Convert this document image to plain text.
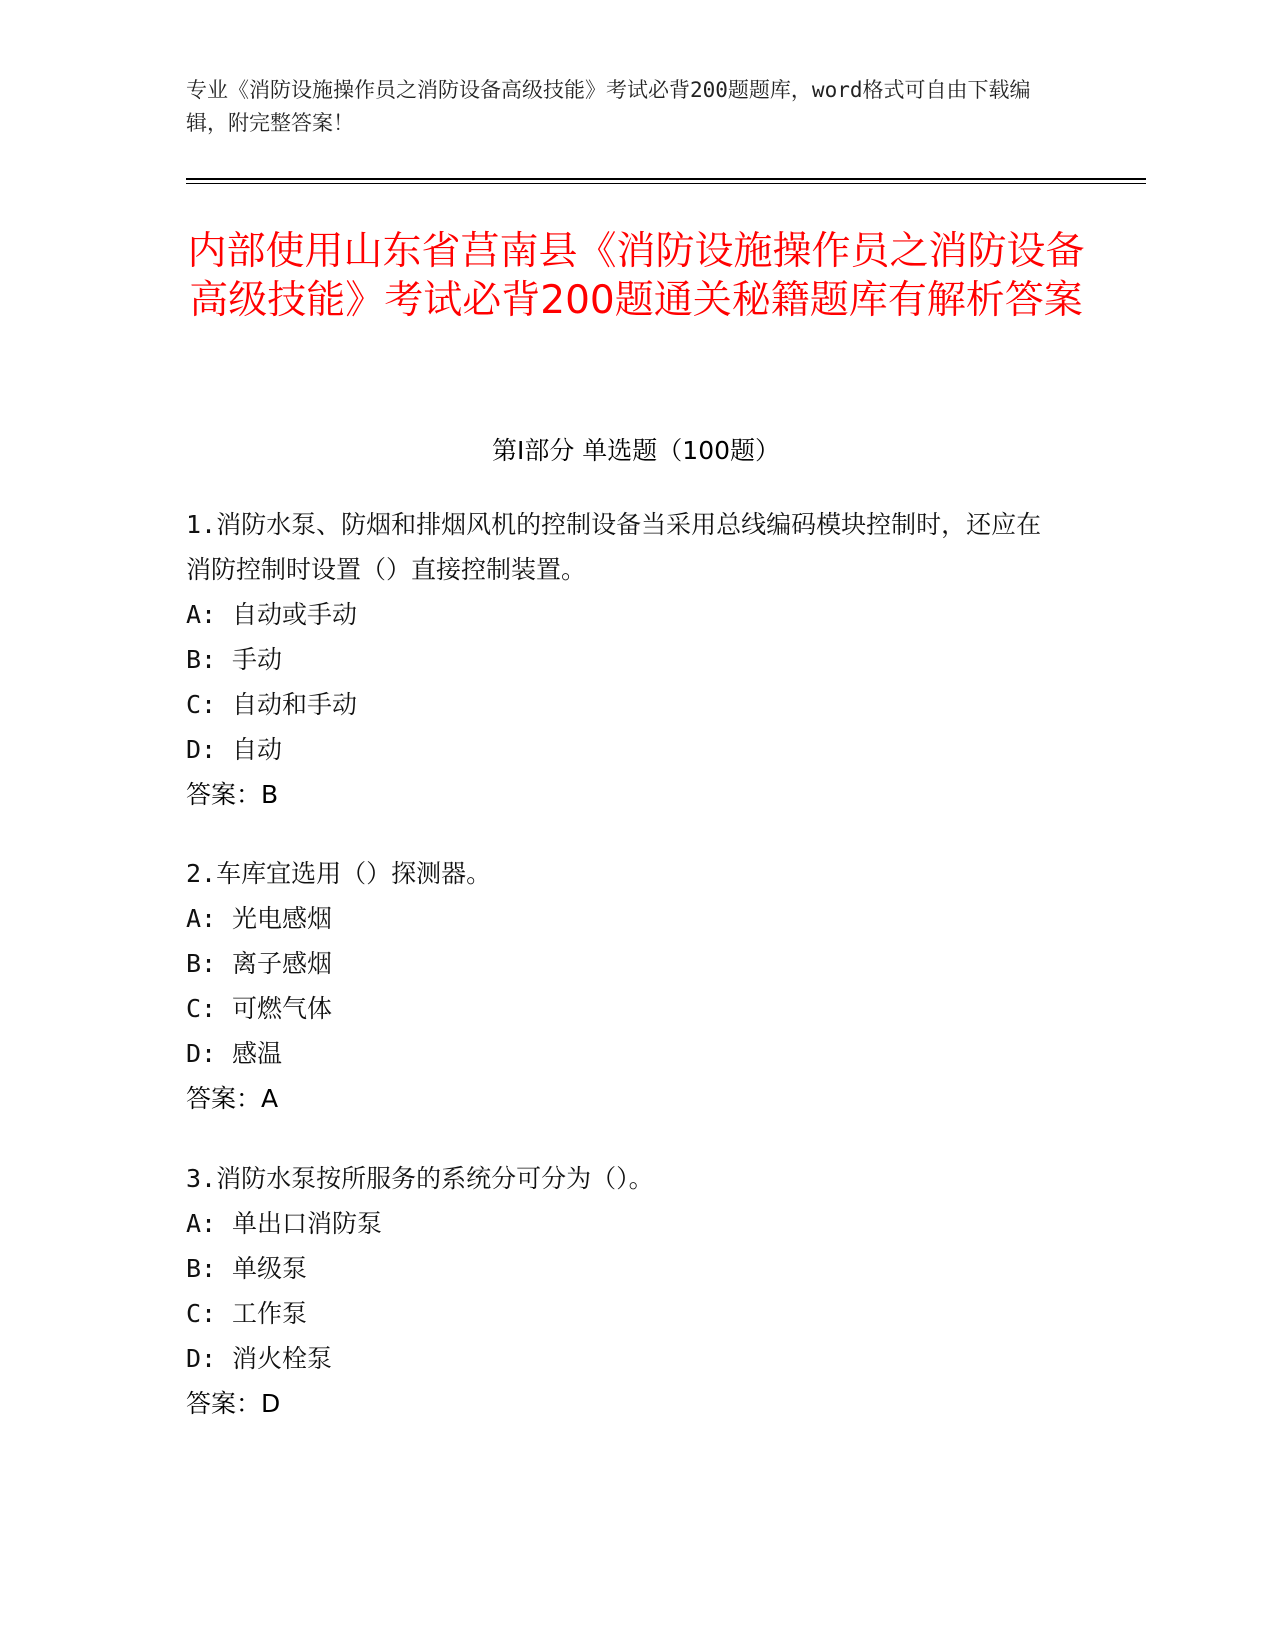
专业《消防设施操作员之消防设备高级技能》考试必背200题题库，word格式可自由下载编辑，附完整答案！
内部使用山东省莒南县《消防设施操作员之消防设备高级技能》考试必背200题通关秘籍题库有解析答案
第Ⅰ部分 单选题（100题）
1.消防水泵、防烟和排烟风机的控制设备当采用总线编码模块控制时，还应在消防控制时设置（）直接控制装置。
A: 自动或手动
B: 手动
C: 自动和手动
D: 自动
答案：B
2.车库宜选用（）探测器。
A: 光电感烟
B: 离子感烟
C: 可燃气体
D: 感温
答案：A
3.消防水泵按所服务的系统分可分为（）。
A: 单出口消防泵
B: 单级泵
C: 工作泵
D: 消火栓泵
答案：D
